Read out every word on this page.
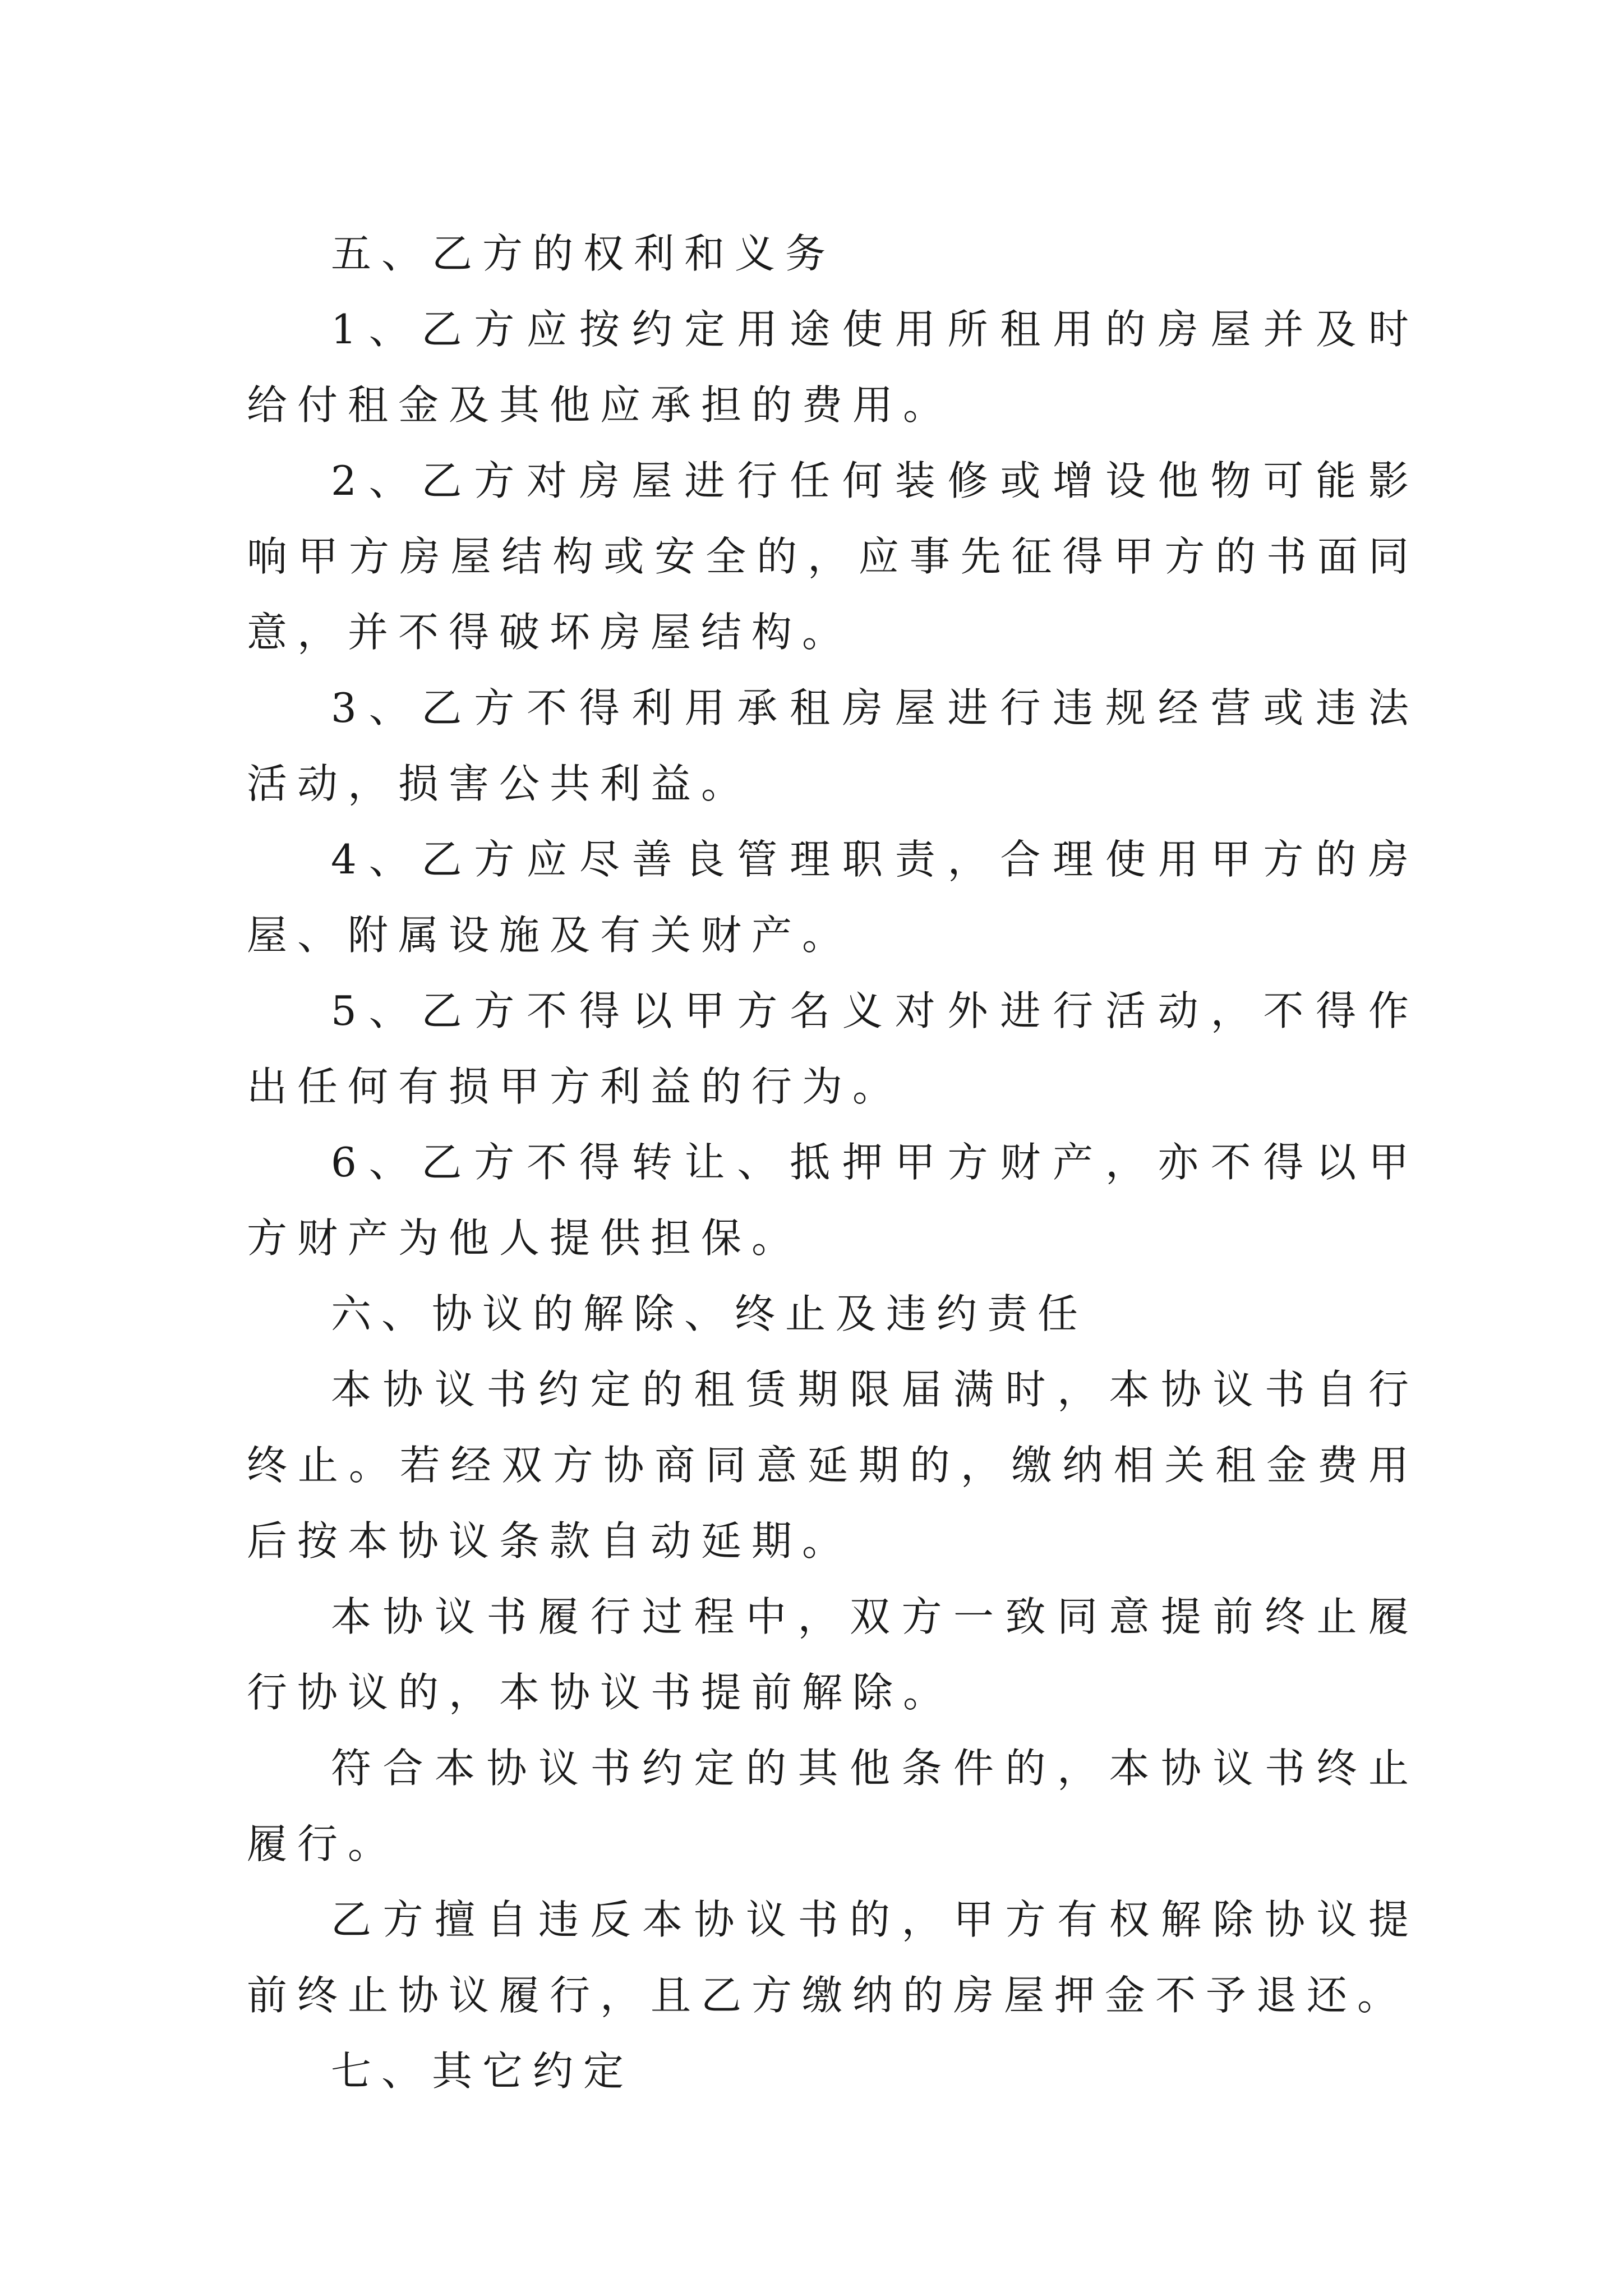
五、乙方的权利和义务

1、乙方应按约定用途使用所租用的房屋并及时给付租金及其他应承担的费用。

2、乙方对房屋进行任何装修或增设他物可能影响甲方房屋结构或安全的，应事先征得甲方的书面同意，并不得破坏房屋结构。

3、乙方不得利用承租房屋进行违规经营或违法活动，损害公共利益。

4、乙方应尽善良管理职责，合理使用甲方的房屋、附属设施及有关财产。

5、乙方不得以甲方名义对外进行活动，不得作出任何有损甲方利益的行为。

6、乙方不得转让、抵押甲方财产，亦不得以甲方财产为他人提供担保。

六、协议的解除、终止及违约责任

本协议书约定的租赁期限届满时，本协议书自行终止。若经双方协商同意延期的，缴纳相关租金费用后按本协议条款自动延期。

本协议书履行过程中，双方一致同意提前终止履行协议的，本协议书提前解除。

符合本协议书约定的其他条件的，本协议书终止履行。

乙方擅自违反本协议书的，甲方有权解除协议提前终止协议履行，且乙方缴纳的房屋押金不予退还。

七、其它约定
